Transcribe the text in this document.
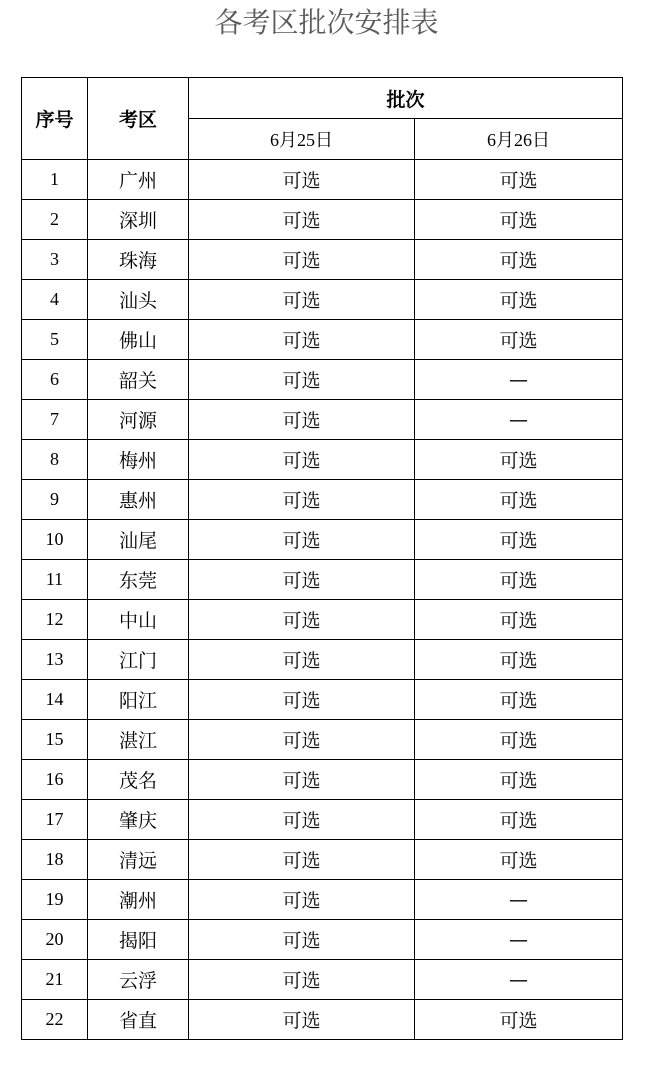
各考区批次安排表
序号	考区	批次	
		6月25日	6月26日
1	广州	可选	可选
2	深圳	可选	可选
3	珠海	可选	可选
4	汕头	可选	可选
5	佛山	可选	可选
6	韶关	可选	—
7	河源	可选	—
8	梅州	可选	可选
9	惠州	可选	可选
10	汕尾	可选	可选
11	东莞	可选	可选
12	中山	可选	可选
13	江门	可选	可选
14	阳江	可选	可选
15	湛江	可选	可选
16	茂名	可选	可选
17	肇庆	可选	可选
18	清远	可选	可选
19	潮州	可选	—
20	揭阳	可选	—
21	云浮	可选	—
22	省直	可选	可选
